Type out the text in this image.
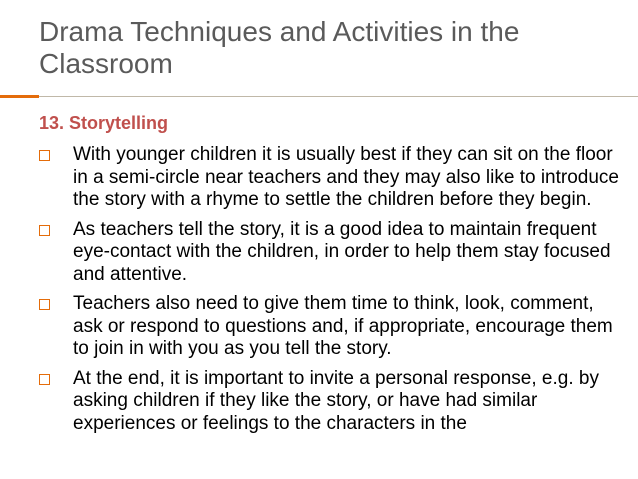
Drama Techniques and Activities in the Classroom
13. Storytelling
With younger children it is usually best if they can sit on the floor in a semi-circle near teachers and they may also like to introduce the story with a rhyme to settle the children before they begin.
As teachers tell the story, it is a good idea to maintain frequent eye-contact with the children, in order to help them stay focused and attentive.
Teachers also need to give them time to think, look, comment, ask or respond to questions and, if appropriate, encourage them to join in with you as you tell the story.
At the end, it is important to invite a personal response, e.g. by asking children if they like the story, or have had similar experiences or feelings to the characters in the
